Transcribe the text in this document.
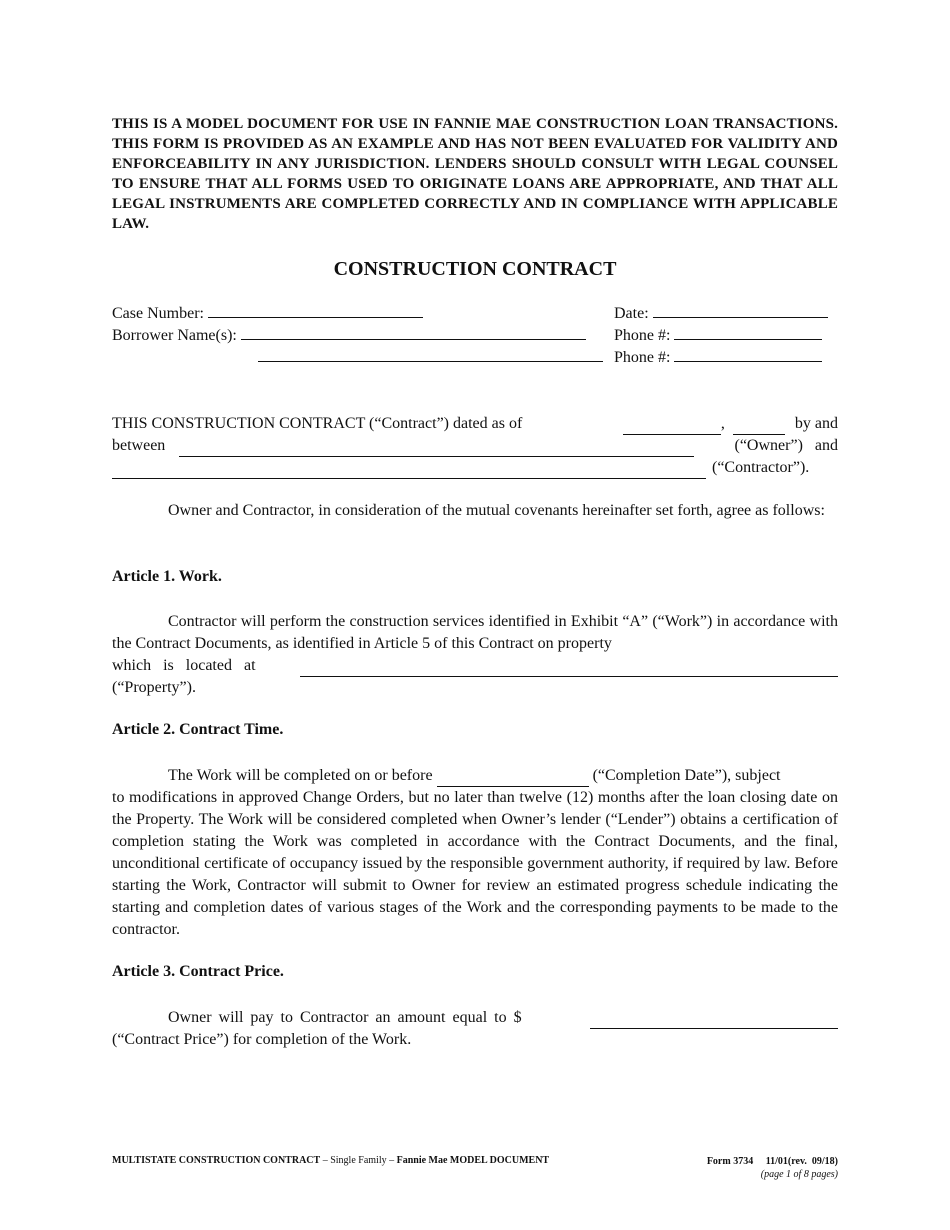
THIS IS A MODEL DOCUMENT FOR USE IN FANNIE MAE CONSTRUCTION LOAN TRANSACTIONS. THIS FORM IS PROVIDED AS AN EXAMPLE AND HAS NOT BEEN EVALUATED FOR VALIDITY AND ENFORCEABILITY IN ANY JURISDICTION. LENDERS SHOULD CONSULT WITH LEGAL COUNSEL TO ENSURE THAT ALL FORMS USED TO ORIGINATE LOANS ARE APPROPRIATE, AND THAT ALL LEGAL INSTRUMENTS ARE COMPLETED CORRECTLY AND IN COMPLIANCE WITH APPLICABLE LAW.
CONSTRUCTION CONTRACT
Case Number:
Borrower Name(s):
Date:
Phone #:
Phone #:
THIS CONSTRUCTION CONTRACT (“Contract”) dated as of	,	by and
between	(“Owner”) and
(“Contractor”).
Owner and Contractor, in consideration of the mutual covenants hereinafter set forth, agree as follows:
Article 1. Work.
Contractor will perform the construction services identified in Exhibit “A” (“Work”) in accordance with the Contract Documents, as identified in Article 5 of this Contract on property
which is located at
(“Property”).
Article 2. Contract Time.
The Work will be completed on or before	(“Completion Date”), subject
to modifications in approved Change Orders, but no later than twelve (12) months after the loan closing date on the Property. The Work will be considered completed when Owner’s lender (“Lender”) obtains a certification of completion stating the Work was completed in accordance with the Contract Documents, and the final, unconditional certificate of occupancy issued by the responsible government authority, if required by law. Before starting the Work, Contractor will submit to Owner for review an estimated progress schedule indicating the starting and completion dates of various stages of the Work and the corresponding payments to be made to the contractor.
Article 3. Contract Price.
Owner will pay to Contractor an amount equal to $
(“Contract Price”) for completion of the Work.
MULTISTATE CONSTRUCTION CONTRACT – Single Family – Fannie Mae MODEL DOCUMENT	Form 3734     11/01(rev.  09/18)
(page 1 of 8 pages)
